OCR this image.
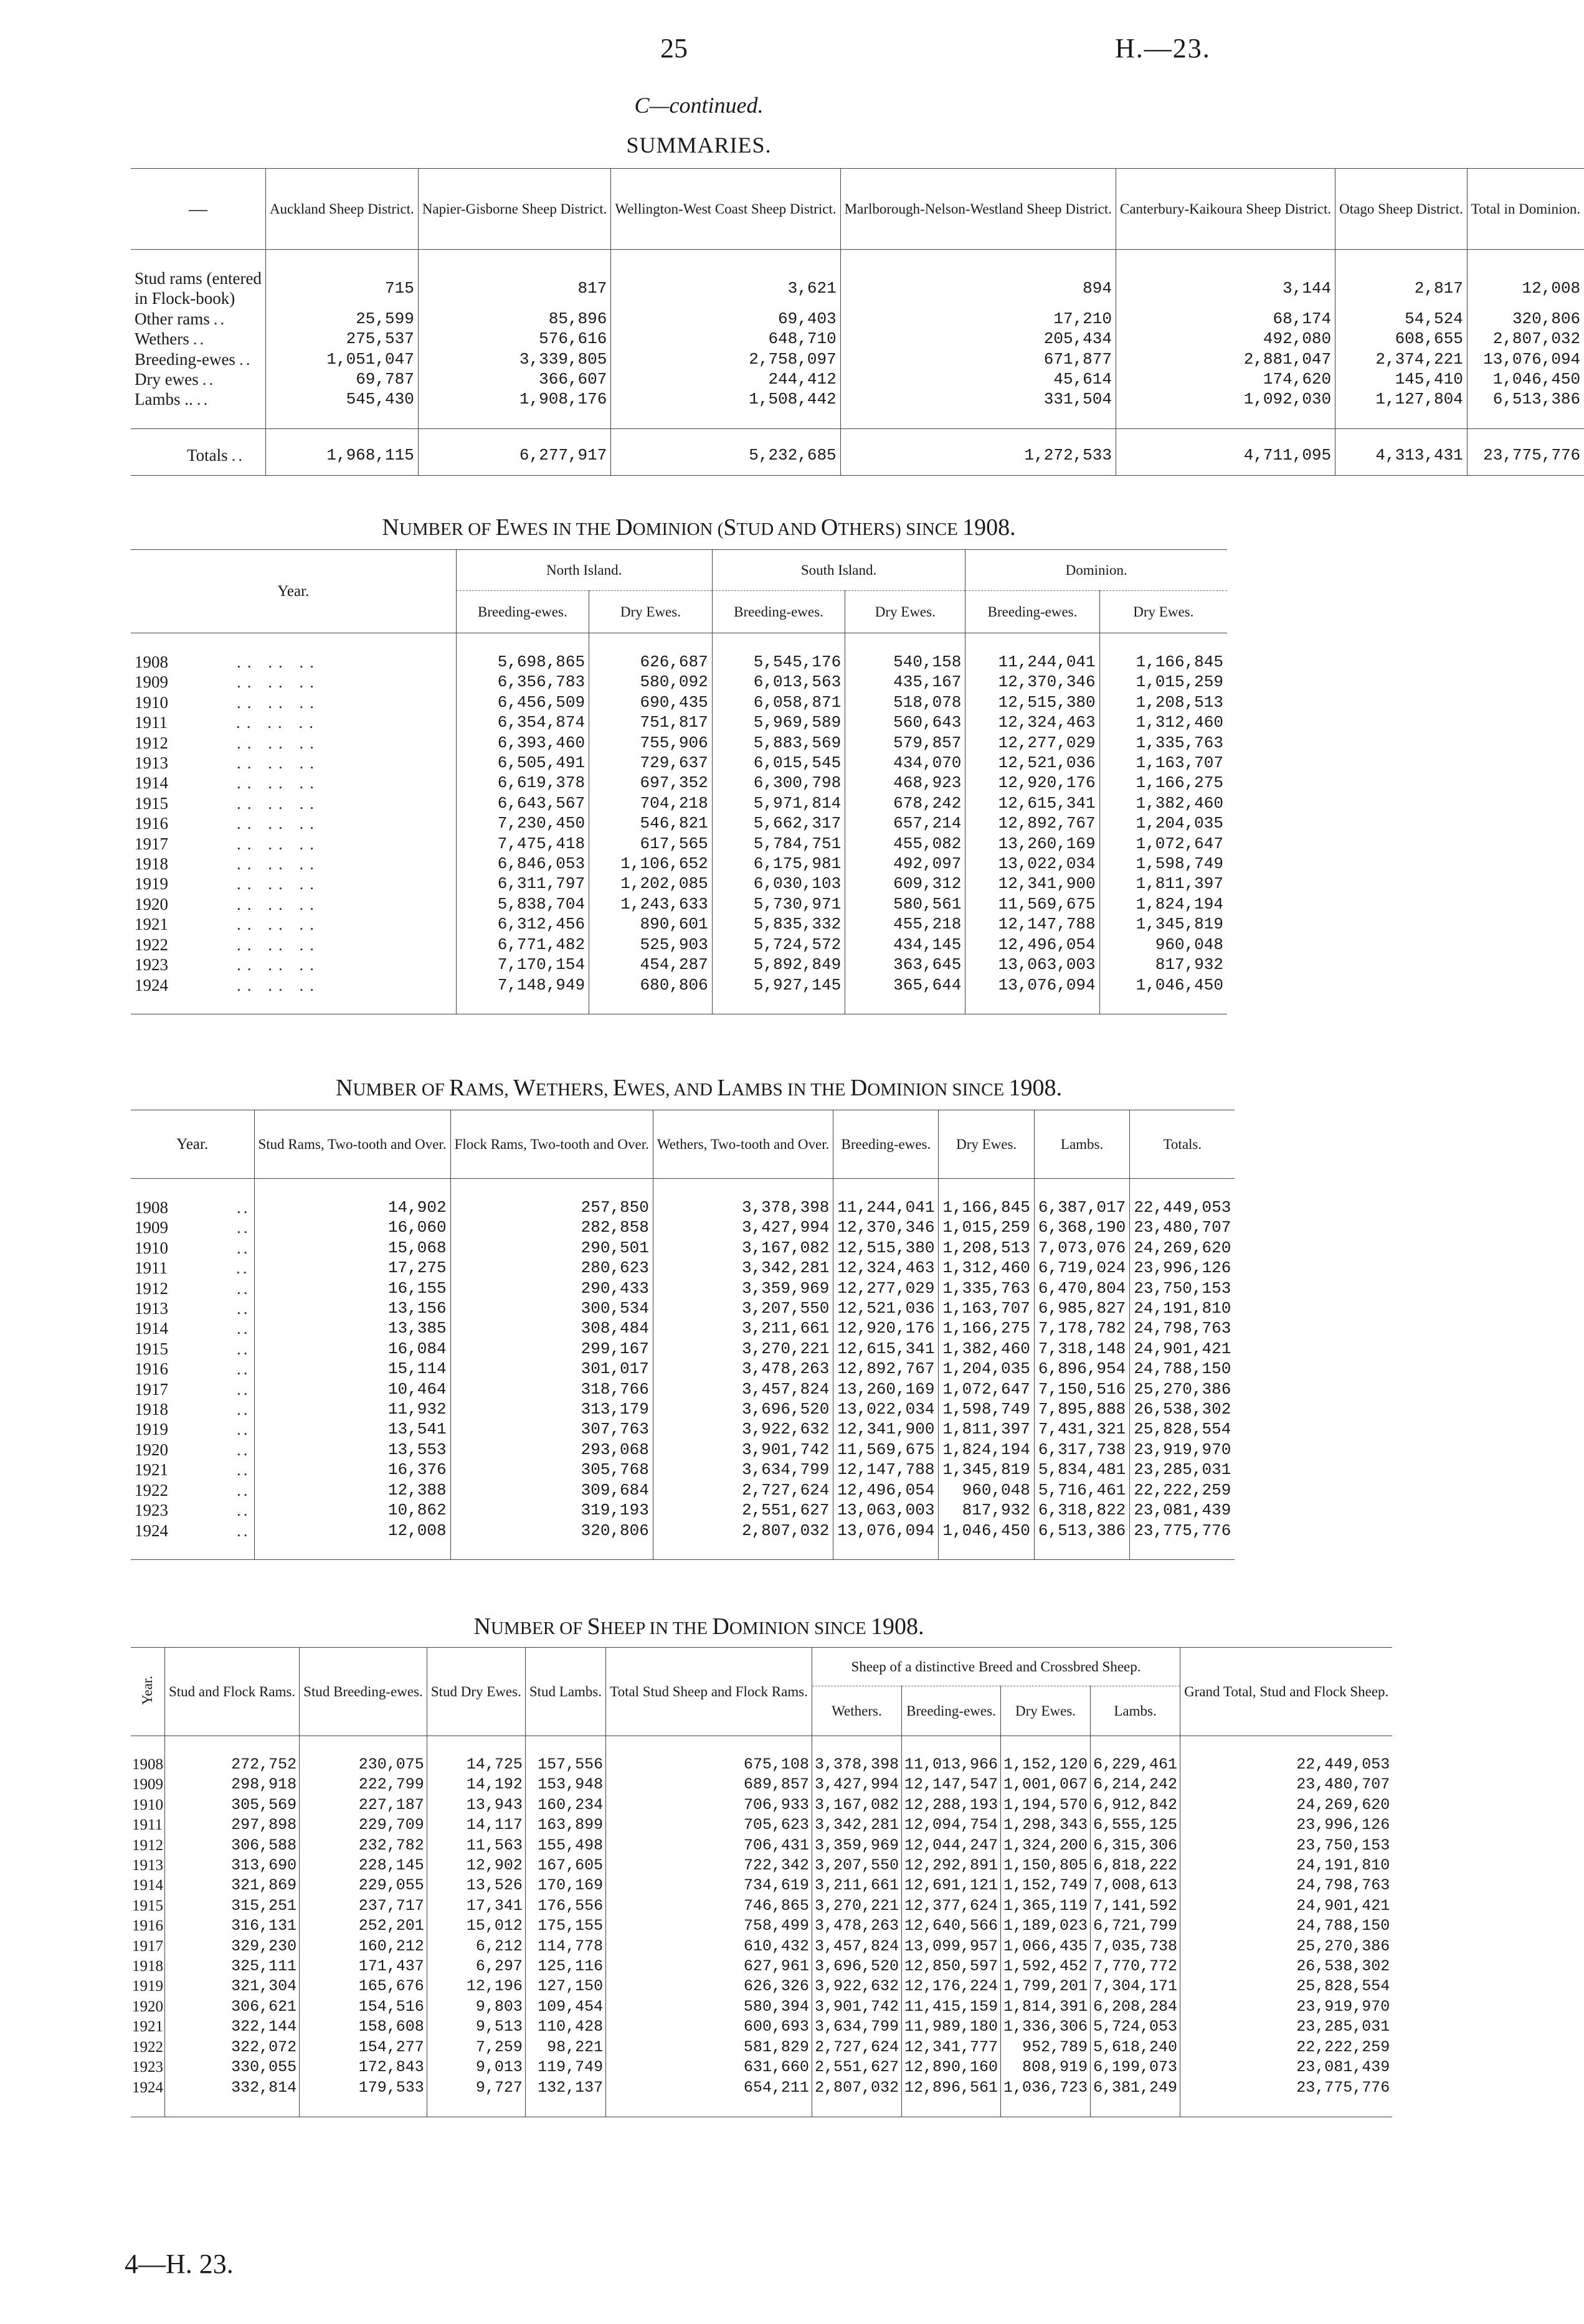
25	H.—23.
C—continued.
SUMMARIES.
—	Auckland Sheep District.	Napier-Gisborne Sheep District.	Wellington-West Coast Sheep District.	Marlborough-Nelson-Westland Sheep District.	Canterbury-Kaikoura Sheep District.	Otago Sheep District.	Total in Dominion.

Stud rams (entered
in Flock-book)	715	817	3,621	894	3,144	2,817	12,008
Other rams ..	25,599	85,896	69,403	17,210	68,174	54,524	320,806
Wethers ..	275,537	576,616	648,710	205,434	492,080	608,655	2,807,032
Breeding-ewes ..	1,051,047	3,339,805	2,758,097	671,877	2,881,047	2,374,221	13,076,094
Dry ewes ..	69,787	366,607	244,412	45,614	174,620	145,410	1,046,450
Lambs .. ..	545,430	1,908,176	1,508,442	331,504	1,092,030	1,127,804	6,513,386

Totals ..	1,968,115	6,277,917	5,232,685	1,272,533	4,711,095	4,313,431	23,775,776
NUMBER OF EWES IN THE DOMINION (STUD AND OTHERS) SINCE 1908.
Year.	North Island.		South Island.		Dominion.	
	Breeding-ewes.	Dry Ewes.	Breeding-ewes.	Dry Ewes.	Breeding-ewes.	Dry Ewes.

1908 .. .. ..	5,698,865	626,687	5,545,176	540,158	11,244,041	1,166,845
1909 .. .. ..	6,356,783	580,092	6,013,563	435,167	12,370,346	1,015,259
1910 .. .. ..	6,456,509	690,435	6,058,871	518,078	12,515,380	1,208,513
1911 .. .. ..	6,354,874	751,817	5,969,589	560,643	12,324,463	1,312,460
1912 .. .. ..	6,393,460	755,906	5,883,569	579,857	12,277,029	1,335,763
1913 .. .. ..	6,505,491	729,637	6,015,545	434,070	12,521,036	1,163,707
1914 .. .. ..	6,619,378	697,352	6,300,798	468,923	12,920,176	1,166,275
1915 .. .. ..	6,643,567	704,218	5,971,814	678,242	12,615,341	1,382,460
1916 .. .. ..	7,230,450	546,821	5,662,317	657,214	12,892,767	1,204,035
1917 .. .. ..	7,475,418	617,565	5,784,751	455,082	13,260,169	1,072,647
1918 .. .. ..	6,846,053	1,106,652	6,175,981	492,097	13,022,034	1,598,749
1919 .. .. ..	6,311,797	1,202,085	6,030,103	609,312	12,341,900	1,811,397
1920 .. .. ..	5,838,704	1,243,633	5,730,971	580,561	11,569,675	1,824,194
1921 .. .. ..	6,312,456	890,601	5,835,332	455,218	12,147,788	1,345,819
1922 .. .. ..	6,771,482	525,903	5,724,572	434,145	12,496,054	960,048
1923 .. .. ..	7,170,154	454,287	5,892,849	363,645	13,063,003	817,932
1924 .. .. ..	7,148,949	680,806	5,927,145	365,644	13,076,094	1,046,450

NUMBER OF RAMS, WETHERS, EWES, AND LAMBS IN THE DOMINION SINCE 1908.
Year.	Stud Rams, Two-tooth and Over.	Flock Rams, Two-tooth and Over.	Wethers, Two-tooth and Over.	Breeding-ewes.	Dry Ewes.	Lambs.	Totals.

1908 ..	14,902	257,850	3,378,398	11,244,041	1,166,845	6,387,017	22,449,053
1909 ..	16,060	282,858	3,427,994	12,370,346	1,015,259	6,368,190	23,480,707
1910 ..	15,068	290,501	3,167,082	12,515,380	1,208,513	7,073,076	24,269,620
1911 ..	17,275	280,623	3,342,281	12,324,463	1,312,460	6,719,024	23,996,126
1912 ..	16,155	290,433	3,359,969	12,277,029	1,335,763	6,470,804	23,750,153
1913 ..	13,156	300,534	3,207,550	12,521,036	1,163,707	6,985,827	24,191,810
1914 ..	13,385	308,484	3,211,661	12,920,176	1,166,275	7,178,782	24,798,763
1915 ..	16,084	299,167	3,270,221	12,615,341	1,382,460	7,318,148	24,901,421
1916 ..	15,114	301,017	3,478,263	12,892,767	1,204,035	6,896,954	24,788,150
1917 ..	10,464	318,766	3,457,824	13,260,169	1,072,647	7,150,516	25,270,386
1918 ..	11,932	313,179	3,696,520	13,022,034	1,598,749	7,895,888	26,538,302
1919 ..	13,541	307,763	3,922,632	12,341,900	1,811,397	7,431,321	25,828,554
1920 ..	13,553	293,068	3,901,742	11,569,675	1,824,194	6,317,738	23,919,970
1921 ..	16,376	305,768	3,634,799	12,147,788	1,345,819	5,834,481	23,285,031
1922 ..	12,388	309,684	2,727,624	12,496,054	960,048	5,716,461	22,222,259
1923 ..	10,862	319,193	2,551,627	13,063,003	817,932	6,318,822	23,081,439
1924 ..	12,008	320,806	2,807,032	13,076,094	1,046,450	6,513,386	23,775,776

NUMBER OF SHEEP IN THE DOMINION SINCE 1908.
Year.	Stud and Flock Rams.	Stud Breeding-ewes.	Stud Dry Ewes.	Stud Lambs.	Total Stud Sheep and Flock Rams.	Sheep of a distinctive Breed and Crossbred Sheep.				Grand Total, Stud and Flock Sheep.
						Wethers.	Breeding-ewes.	Dry Ewes.	Lambs.	

1908	272,752	230,075	14,725	157,556	675,108	3,378,398	11,013,966	1,152,120	6,229,461	22,449,053
1909	298,918	222,799	14,192	153,948	689,857	3,427,994	12,147,547	1,001,067	6,214,242	23,480,707
1910	305,569	227,187	13,943	160,234	706,933	3,167,082	12,288,193	1,194,570	6,912,842	24,269,620
1911	297,898	229,709	14,117	163,899	705,623	3,342,281	12,094,754	1,298,343	6,555,125	23,996,126
1912	306,588	232,782	11,563	155,498	706,431	3,359,969	12,044,247	1,324,200	6,315,306	23,750,153
1913	313,690	228,145	12,902	167,605	722,342	3,207,550	12,292,891	1,150,805	6,818,222	24,191,810
1914	321,869	229,055	13,526	170,169	734,619	3,211,661	12,691,121	1,152,749	7,008,613	24,798,763
1915	315,251	237,717	17,341	176,556	746,865	3,270,221	12,377,624	1,365,119	7,141,592	24,901,421
1916	316,131	252,201	15,012	175,155	758,499	3,478,263	12,640,566	1,189,023	6,721,799	24,788,150
1917	329,230	160,212	6,212	114,778	610,432	3,457,824	13,099,957	1,066,435	7,035,738	25,270,386
1918	325,111	171,437	6,297	125,116	627,961	3,696,520	12,850,597	1,592,452	7,770,772	26,538,302
1919	321,304	165,676	12,196	127,150	626,326	3,922,632	12,176,224	1,799,201	7,304,171	25,828,554
1920	306,621	154,516	9,803	109,454	580,394	3,901,742	11,415,159	1,814,391	6,208,284	23,919,970
1921	322,144	158,608	9,513	110,428	600,693	3,634,799	11,989,180	1,336,306	5,724,053	23,285,031
1922	322,072	154,277	7,259	98,221	581,829	2,727,624	12,341,777	952,789	5,618,240	22,222,259
1923	330,055	172,843	9,013	119,749	631,660	2,551,627	12,890,160	808,919	6,199,073	23,081,439
1924	332,814	179,533	9,727	132,137	654,211	2,807,032	12,896,561	1,036,723	6,381,249	23,775,776

4—H. 23.
